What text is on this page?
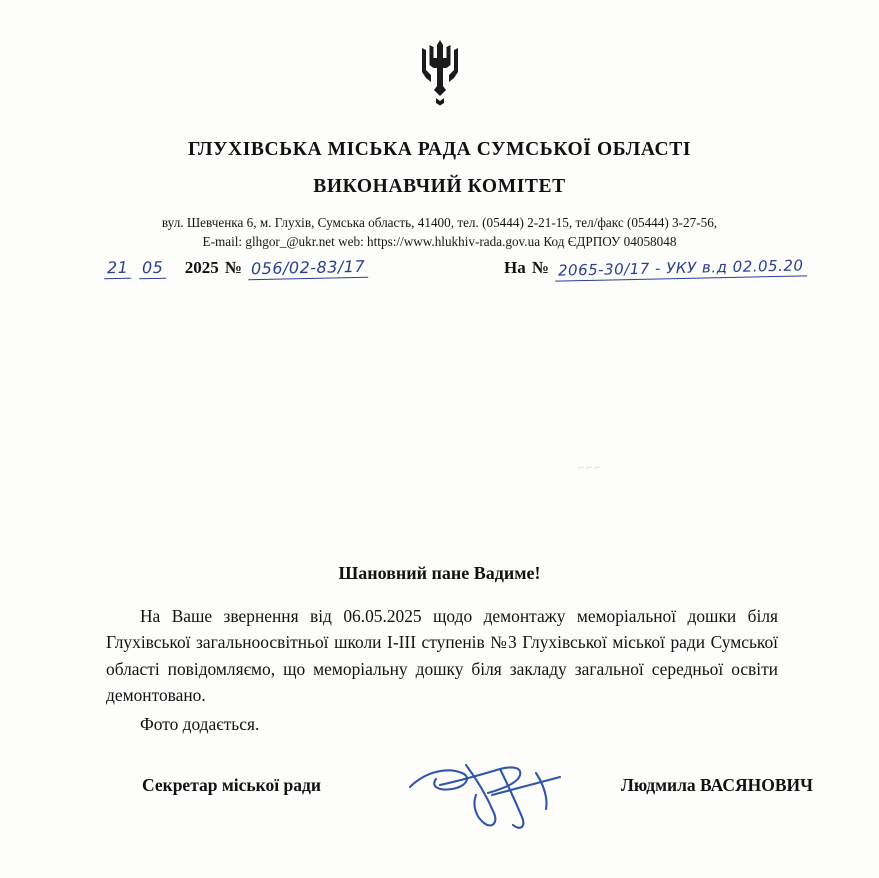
ГЛУХІВСЬКА МІСЬКА РАДА СУМСЬКОЇ ОБЛАСТІ
ВИКОНАВЧИЙ КОМІТЕТ
вул. Шевченка 6, м. Глухів, Сумська область, 41400, тел. (05444) 2-21-15, тел/факс (05444) 3-27-56,
E-mail: glhgor_@ukr.net web: https://www.hlukhiv-rada.gov.ua Код ЄДРПОУ 04058048
21 05 2025 № 056/02-83/17	На № 2065-30/17 - УКУ в.д 02.05.20
⌐⌐⌐
Шановний пане Вадиме!

На Ваше звернення від 06.05.2025 щодо демонтажу меморіальної дошки біля Глухівської загальноосвітньої школи I-III ступенів №3 Глухівської міської ради Сумської області повідомляємо, що меморіальну дошку біля закладу загальної середньої освіти демонтовано.

Фото додається.

Секретар міської ради	Людмила ВАСЯНОВИЧ
